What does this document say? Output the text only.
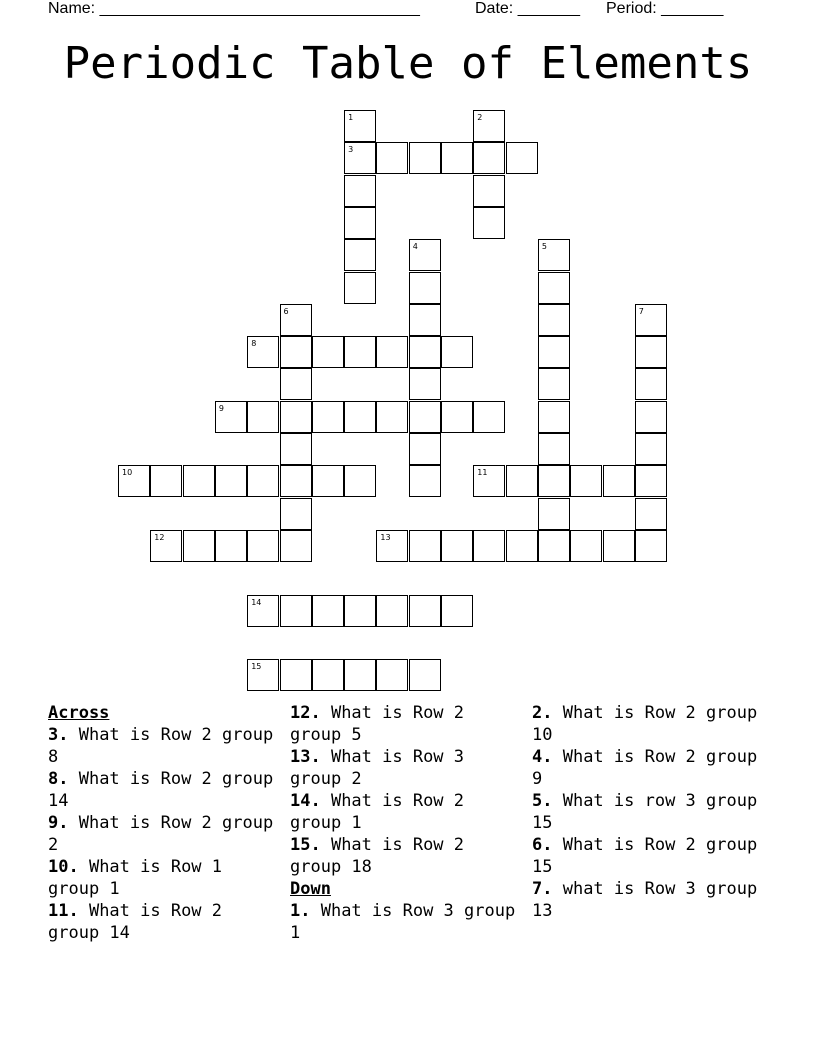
Name: ____________________________________

	Date: _______

Period: _______

Periodic Table of Elements
1	2
3
4	5
6	7
8
9
10	11
12	13
14
15
Across
3. What is Row 2 group 8
8. What is Row 2 group 14
9. What is Row 2 group 2
10. What is Row 1 group 1
11. What is Row 2 group 14
12. What is Row 2 group 5
13. What is Row 3 group 2
14. What is Row 2 group 1
15. What is Row 2 group 18
Down
1. What is Row 3 group 1
2. What is Row 2 group 10
4. What is Row 2 group 9
5. What is row 3 group 15
6. What is Row 2 group 15
7. what is Row 3 group 13
